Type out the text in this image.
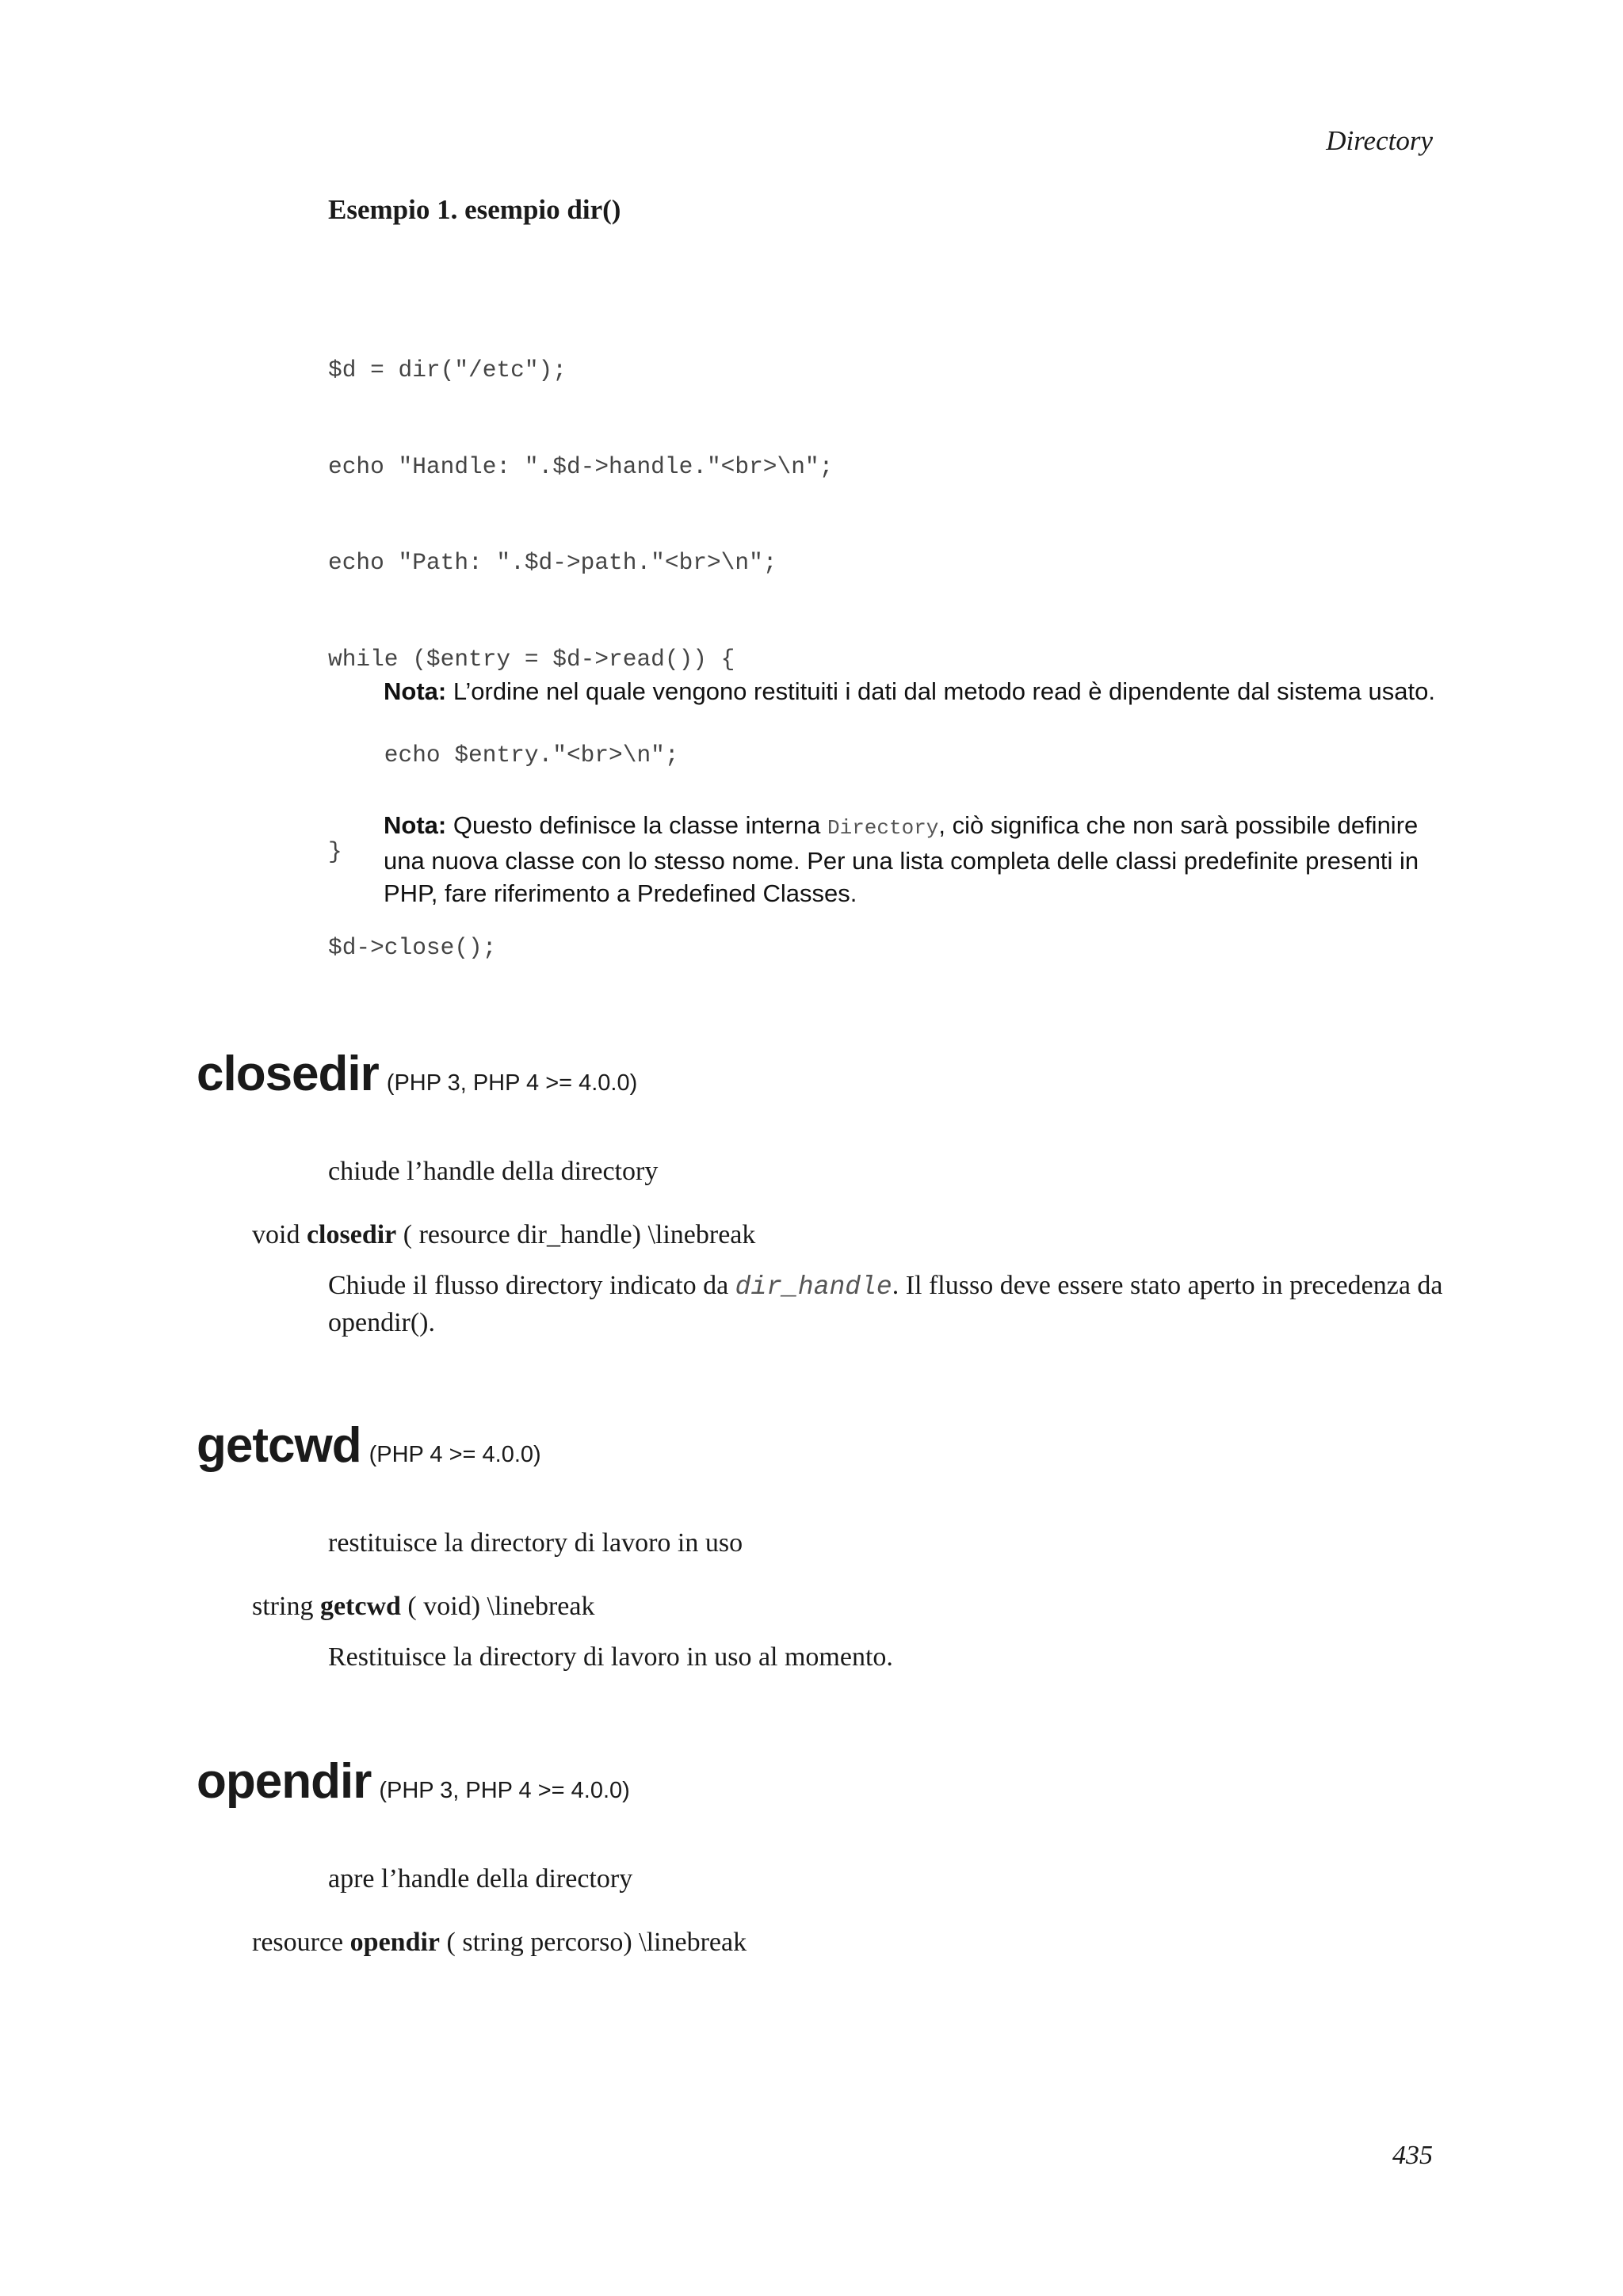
Directory
Esempio 1. esempio dir()

$d = dir("/etc");

echo "Handle: ".$d->handle."<br>\n";

echo "Path: ".$d->path."<br>\n";

while ($entry = $d->read()) {

echo $entry."<br>\n";

}

$d->close();

Nota: L’ordine nel quale vengono restituiti i dati dal metodo read è dipendente dal sistema usato.

Nota: Questo definisce la classe interna Directory, ciò significa che non sarà possibile definire una nuova classe con lo stesso nome. Per una lista completa delle classi predefinite presenti in PHP, fare riferimento a Predefined Classes.

closedir (PHP 3, PHP 4 >= 4.0.0)
chiude l’handle della directory
void closedir ( resource dir_handle) \linebreak

Chiude il flusso directory indicato da dir_handle. Il flusso deve essere stato aperto in precedenza da opendir().

getcwd (PHP 4 >= 4.0.0)
restituisce la directory di lavoro in uso
string getcwd ( void) \linebreak

Restituisce la directory di lavoro in uso al momento.

opendir (PHP 3, PHP 4 >= 4.0.0)
apre l’handle della directory
resource opendir ( string percorso) \linebreak
435
